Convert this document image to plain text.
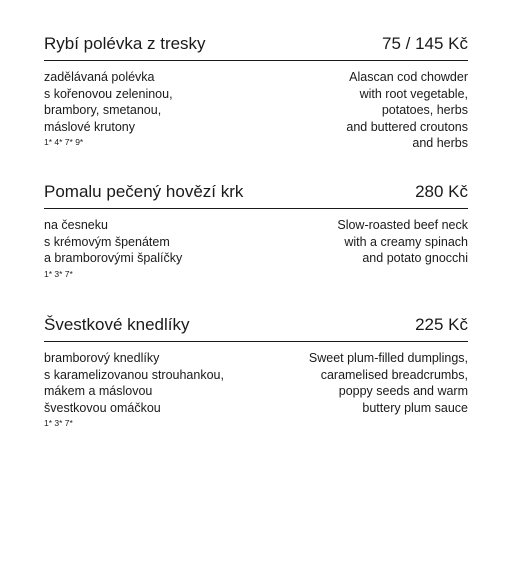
Rybí polévka z tresky	75 / 145 Kč
zadělávaná polévka
s kořenovou zeleninou,
brambory, smetanou,
máslové krutony
1* 4* 7* 9*
Alascan cod chowder
with root vegetable,
potatoes, herbs
and buttered croutons
and herbs
Pomalu pečený hovězí krk	280 Kč
na česneku
s krémovým špenátem
a bramborovými špalíčky
1* 3* 7*
Slow-roasted beef neck
with a creamy spinach
and potato gnocchi
Švestkové knedlíky	225 Kč
bramborový knedlíky
s karamelizovanou strouhankou,
mákem a máslovou
švestkovou omáčkou
1* 3* 7*
Sweet plum-filled dumplings,
caramelised breadcrumbs,
poppy seeds and warm
buttery plum sauce
